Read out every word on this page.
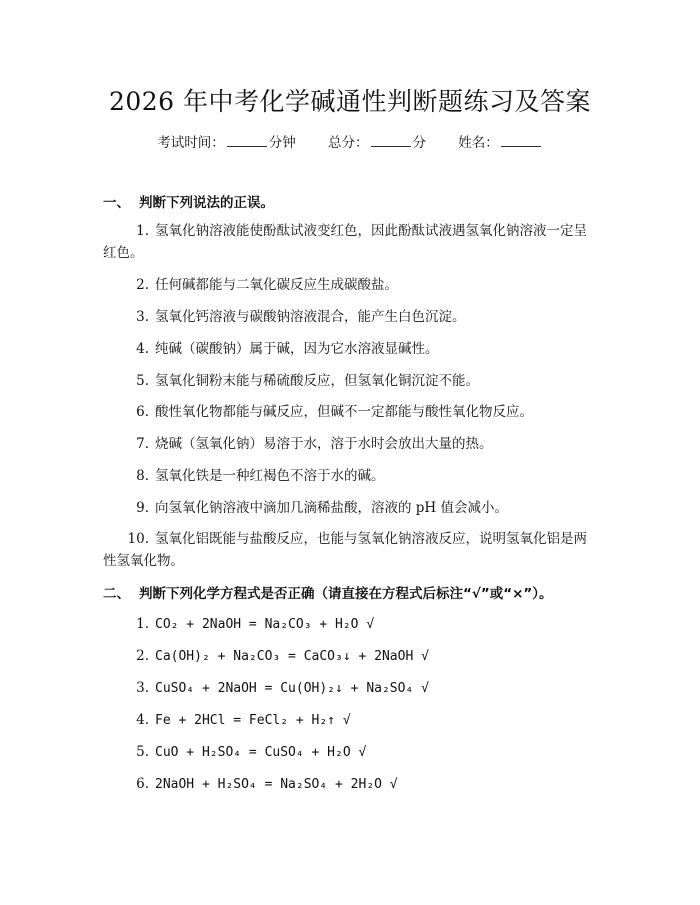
2026 年中考化学碱通性判断题练习及答案
考试时间：	分钟 总分：	分 姓名：
一、 判断下列说法的正误。
1. 氢氧化钠溶液能使酚酞试液变红色，因此酚酞试液遇氢氧化钠溶液一定呈
红色。
2. 任何碱都能与二氧化碳反应生成碳酸盐。
3. 氢氧化钙溶液与碳酸钠溶液混合，能产生白色沉淀。
4. 纯碱（碳酸钠）属于碱，因为它水溶液显碱性。
5. 氢氧化铜粉末能与稀硫酸反应，但氢氧化铜沉淀不能。
6. 酸性氧化物都能与碱反应，但碱不一定都能与酸性氧化物反应。
7. 烧碱（氢氧化钠）易溶于水，溶于水时会放出大量的热。
8. 氢氧化铁是一种红褐色不溶于水的碱。
9. 向氢氧化钠溶液中滴加几滴稀盐酸，溶液的 pH 值会减小。
10. 氢氧化铝既能与盐酸反应，也能与氢氧化钠溶液反应，说明氢氧化铝是两
性氢氧化物。
二、 判断下列化学方程式是否正确（请直接在方程式后标注“√”或“×”）。
1. CO₂ + 2NaOH = Na₂CO₃ + H₂O √
2. Ca(OH)₂ + Na₂CO₃ = CaCO₃↓ + 2NaOH √
3. CuSO₄ + 2NaOH = Cu(OH)₂↓ + Na₂SO₄ √
4. Fe + 2HCl = FeCl₂ + H₂↑ √
5. CuO + H₂SO₄ = CuSO₄ + H₂O √
6. 2NaOH + H₂SO₄ = Na₂SO₄ + 2H₂O √
